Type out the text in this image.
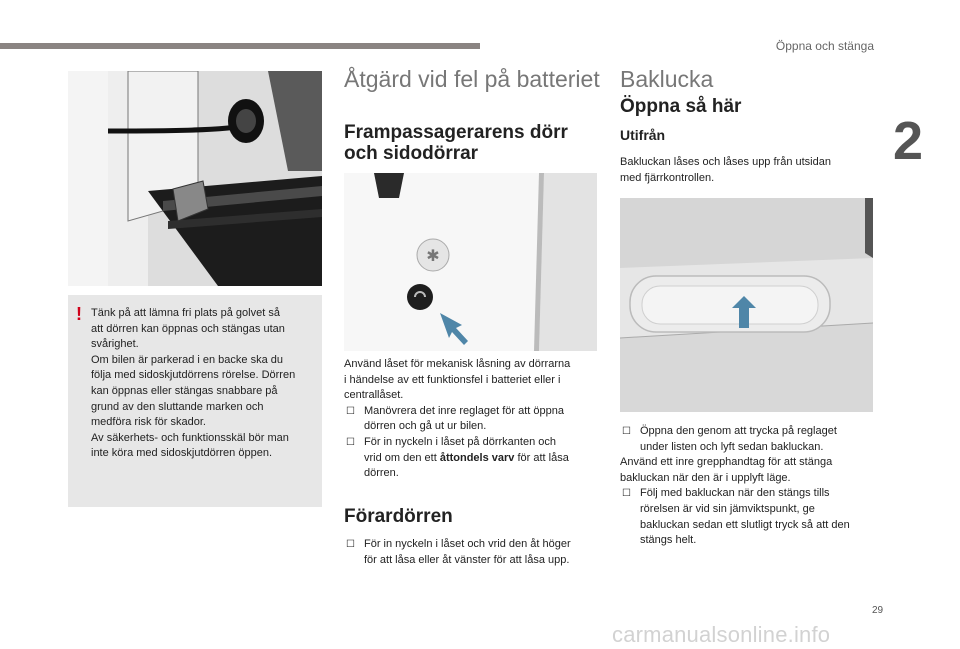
Öppna och stänga
2
! Tänk på att lämna fri plats på golvet så
att dörren kan öppnas och stängas utan
svårighet.
Om bilen är parkerad i en backe ska du
följa med sidoskjutdörrens rörelse. Dörren
kan öppnas eller stängas snabbare på
grund av den sluttande marken och
medföra risk för skador.
Av säkerhets- och funktionsskäl bör man
inte köra med sidoskjutdörren öppen.
Åtgärd vid fel på batteriet
Frampassagerarens dörr
och sidodörrar
✱
Använd låset för mekanisk låsning av dörrarna
i händelse av ett funktionsfel i batteriet eller i
centrallåset.
☐ Manövrera det inre reglaget för att öppna
dörren och gå ut ur bilen.
☐ För in nyckeln i låset på dörrkanten och
vrid om den ett åttondels varv för att låsa
dörren.
Förardörren
☐ För in nyckeln i låset och vrid den åt höger
för att låsa eller åt vänster för att låsa upp.
Baklucka
Öppna så här
Utifrån
Bakluckan låses och låses upp från utsidan
med fjärrkontrollen.
☐ Öppna den genom att trycka på reglaget
under listen och lyft sedan bakluckan.
Använd ett inre grepphandtag för att stänga
bakluckan när den är i upplyft läge.
☐ Följ med bakluckan när den stängs tills
rörelsen är vid sin jämviktspunkt, ge
bakluckan sedan ett slutligt tryck så att den
stängs helt.
29
carmanualsonline.info
